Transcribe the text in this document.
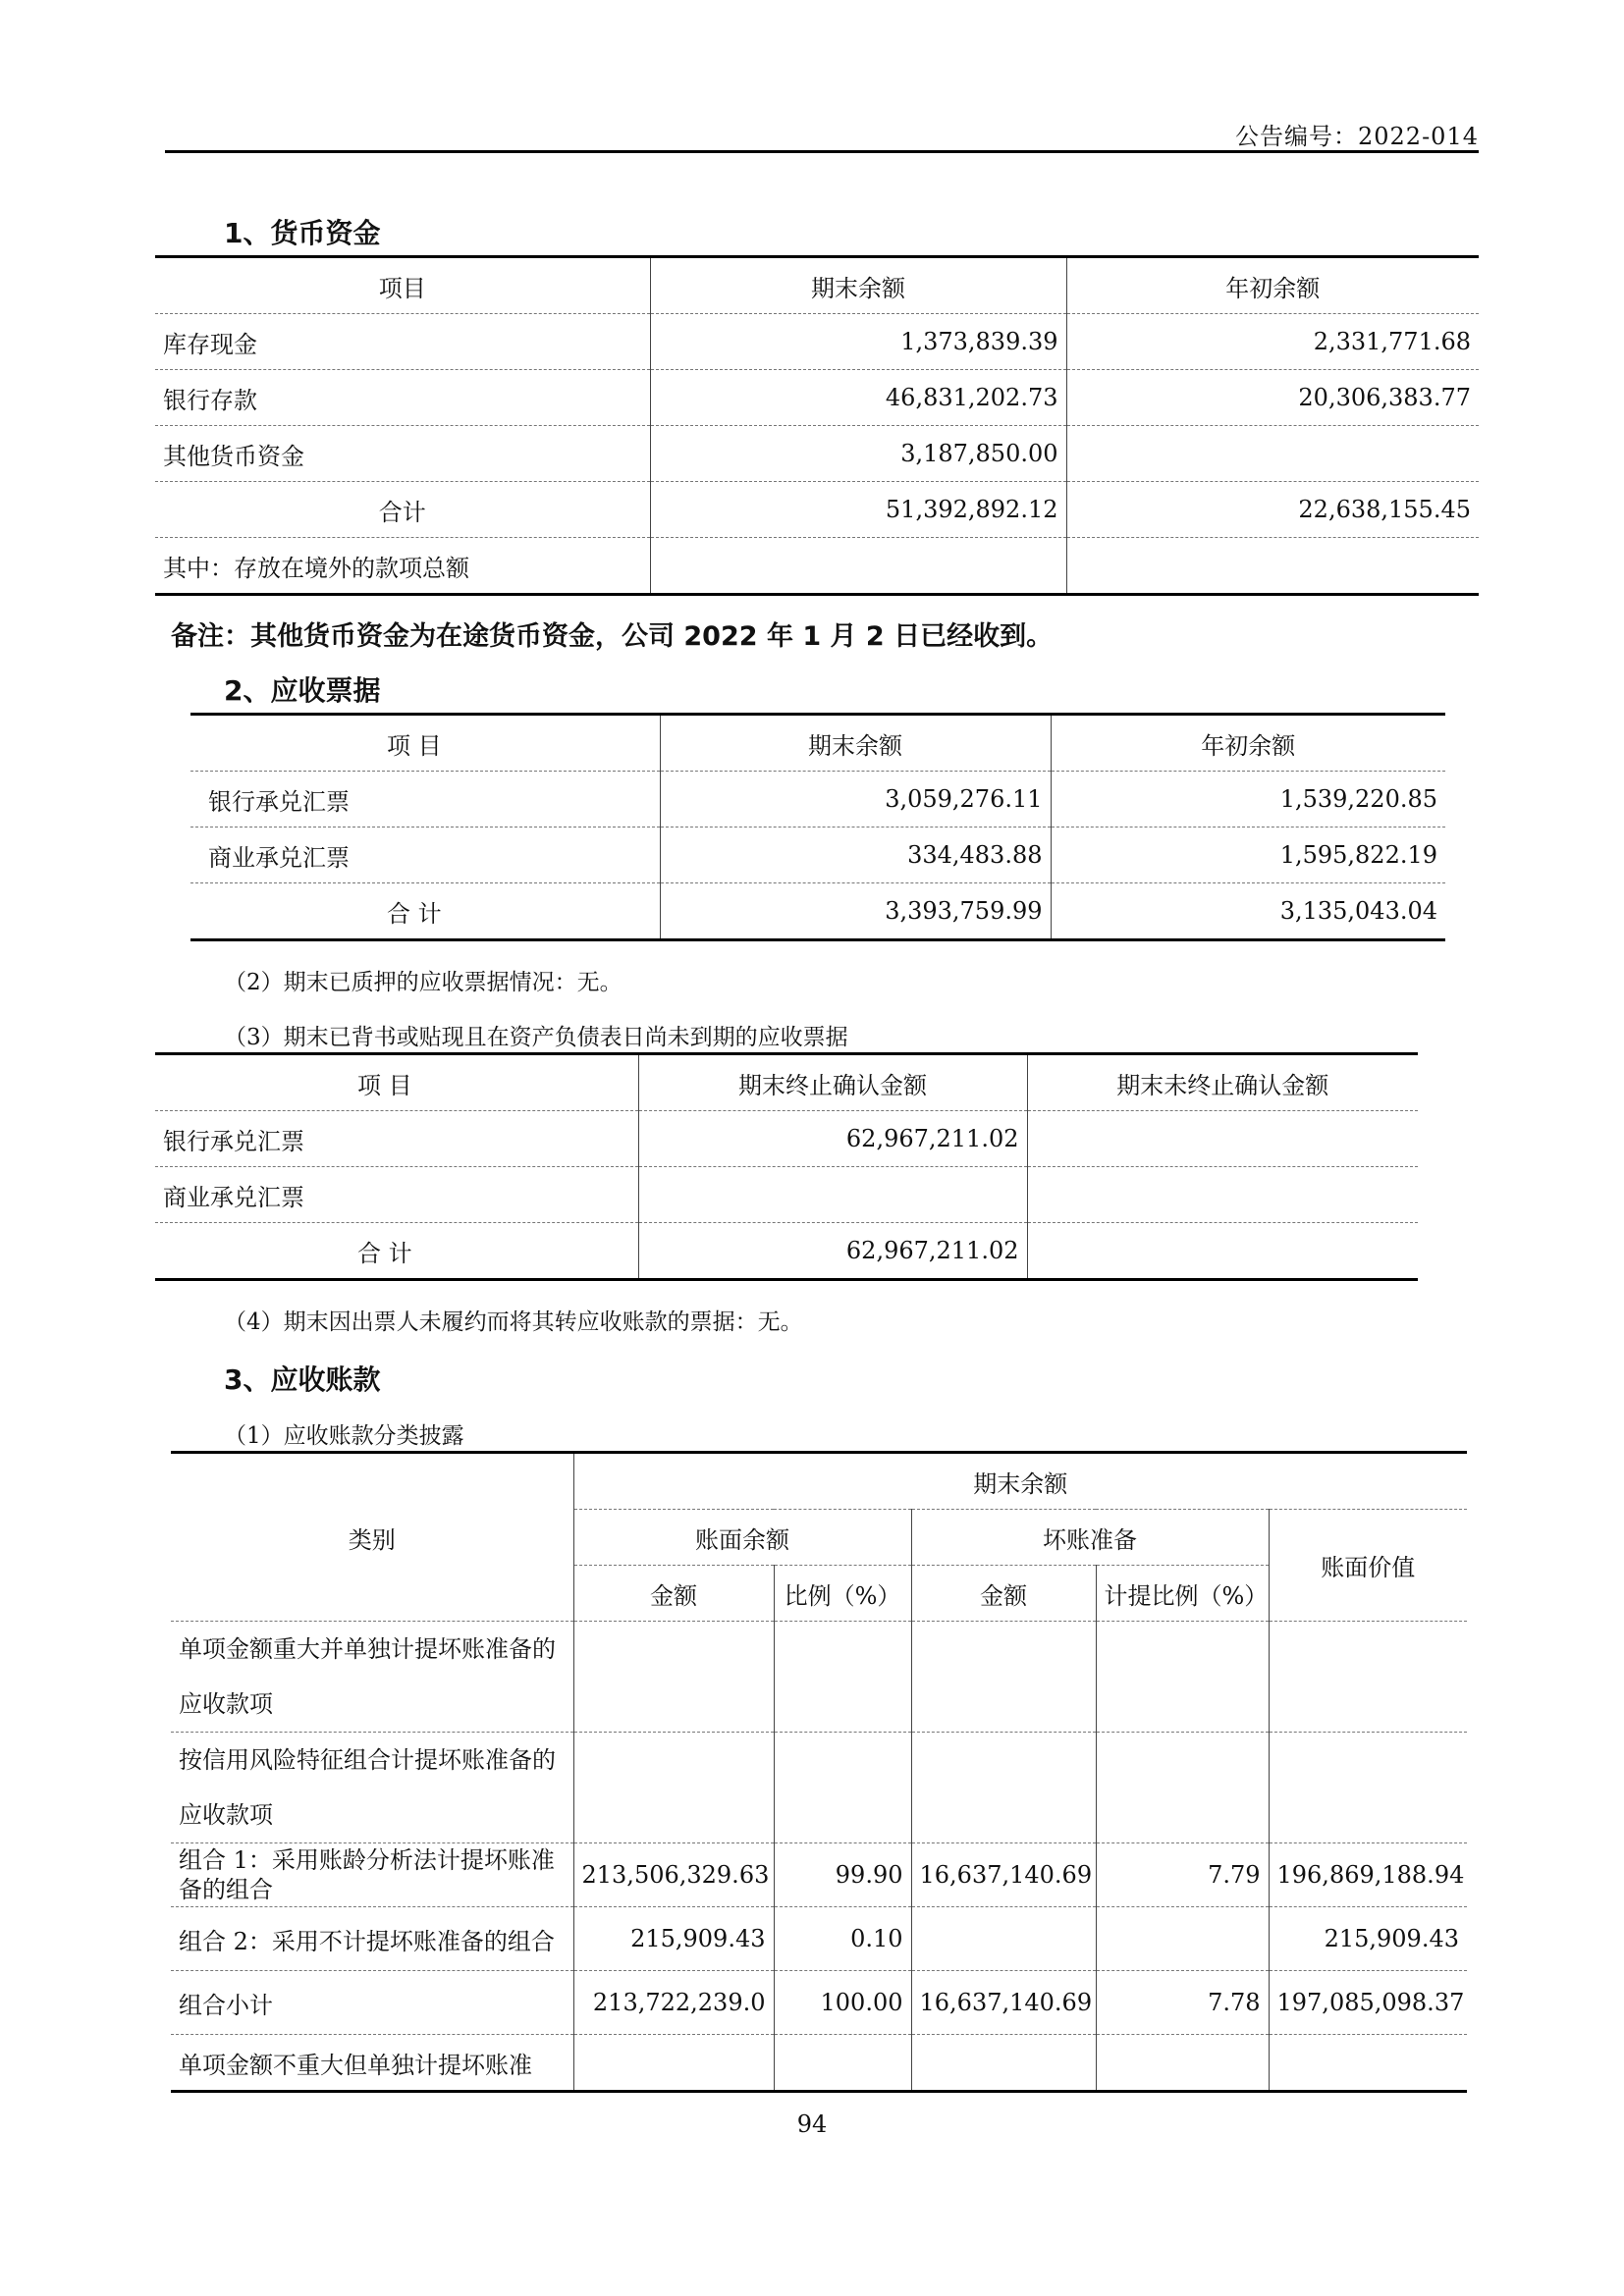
公告编号：2022-014
1、货币资金
项目	期末余额	年初余额
库存现金	1,373,839.39	2,331,771.68
银行存款	46,831,202.73	20,306,383.77
其他货币资金	3,187,850.00	
合计	51,392,892.12	22,638,155.45
其中：存放在境外的款项总额		
备注：其他货币资金为在途货币资金，公司 2022 年 1 月 2 日已经收到。
2、应收票据
项 目	期末余额	年初余额
银行承兑汇票	3,059,276.11	1,539,220.85
商业承兑汇票	334,483.88	1,595,822.19
合 计	3,393,759.99	3,135,043.04
（2）期末已质押的应收票据情况：无。
（3）期末已背书或贴现且在资产负债表日尚未到期的应收票据
项 目	期末终止确认金额	期末未终止确认金额
银行承兑汇票	62,967,211.02	
商业承兑汇票		
合 计	62,967,211.02	
（4）期末因出票人未履约而将其转应收账款的票据：无。
3、应收账款
（1）应收账款分类披露
类别	期末余额				
	账面余额		坏账准备		账面价值
	金额	比例（%）	金额	计提比例（%）	
单项金额重大并单独计提坏账准备的应收款项					
按信用风险特征组合计提坏账准备的应收款项					
组合 1：采用账龄分析法计提坏账准备的组合	213,506,329.63	99.90	16,637,140.69	7.79	196,869,188.94
组合 2：采用不计提坏账准备的组合	215,909.43	0.10			215,909.43
组合小计	213,722,239.0	100.00	16,637,140.69	7.78	197,085,098.37
单项金额不重大但单独计提坏账准					
94
